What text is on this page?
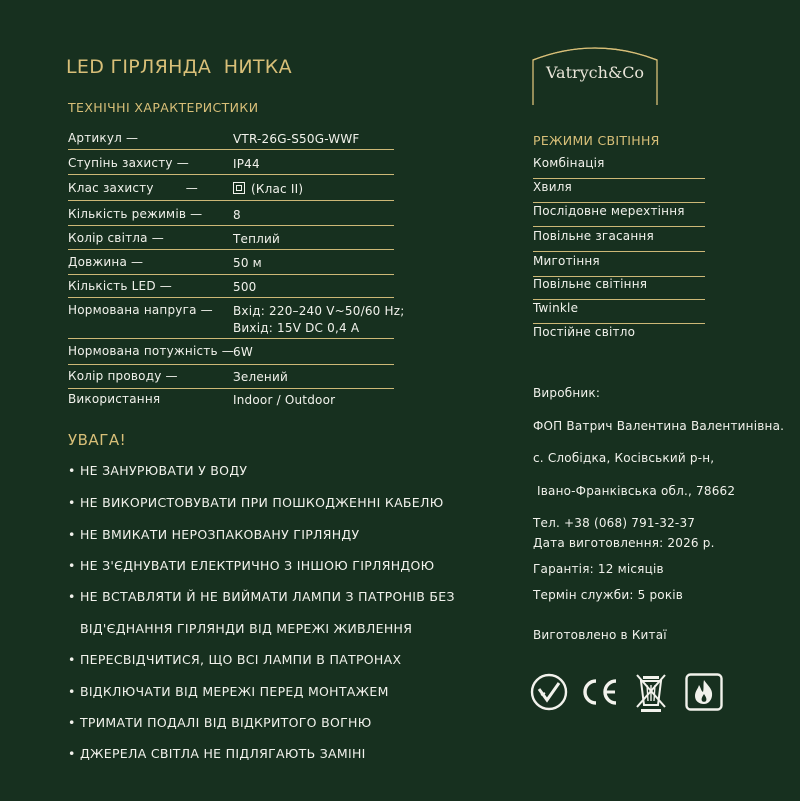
LED ГІРЛЯНДА  НИТКА
ТЕХНІЧНІ ХАРАКТЕРИСТИКИ
Артикул —	VTR-26G-S50G-WWF
Ступінь захисту —	IP44
Клас захисту        —	(Клас II)
Кількість режимів —	8
Колір світла —	Теплий
Довжина —	50 м
Кількість LED —	500
Нормована напруга — Вхід: 220–240 V~50/60 Hz;
Вихід: 15V DC 0,4 A
Нормована потужність — 6W
Колір проводу —	Зелений
Використання	Indoor / Outdoor
УВАГА!
• НЕ ЗАНУРЮВАТИ У ВОДУ
• НЕ ВИКОРИСТОВУВАТИ ПРИ ПОШКОДЖЕННІ КАБЕЛЮ
• НЕ ВМИКАТИ НЕРОЗПАКОВАНУ ГІРЛЯНДУ
• НЕ З'ЄДНУВАТИ ЕЛЕКТРИЧНО З ІНШОЮ ГІРЛЯНДОЮ
• НЕ ВСТАВЛЯТИ Й НЕ ВИЙМАТИ ЛАМПИ З ПАТРОНІВ БЕЗ
ВІД'ЄДНАННЯ ГІРЛЯНДИ ВІД МЕРЕЖІ ЖИВЛЕННЯ
• ПЕРЕСВІДЧИТИСЯ, ЩО ВСІ ЛАМПИ В ПАТРОНАХ
• ВІДКЛЮЧАТИ ВІД МЕРЕЖІ ПЕРЕД МОНТАЖЕМ
• ТРИМАТИ ПОДАЛІ ВІД ВІДКРИТОГО ВОГНЮ
• ДЖЕРЕЛА СВІТЛА НЕ ПІДЛЯГАЮТЬ ЗАМІНІ
Vatrych&Co
РЕЖИМИ СВІТІННЯ
Комбінація
Хвиля
Послідовне мерехтіння
Повільне згасання
Миготіння
Повільне світіння
Twinkle
Постійне світло
Виробник:
ФОП Ватрич Валентина Валентинівна.
с. Слобідка, Косівський р-н,
Івано-Франківська обл., 78662
Тел. +38 (068) 791-32-37
Дата виготовлення: 2026 р.
Гарантія: 12 місяців
Термін служби: 5 років
Виготовлено в Китаї
